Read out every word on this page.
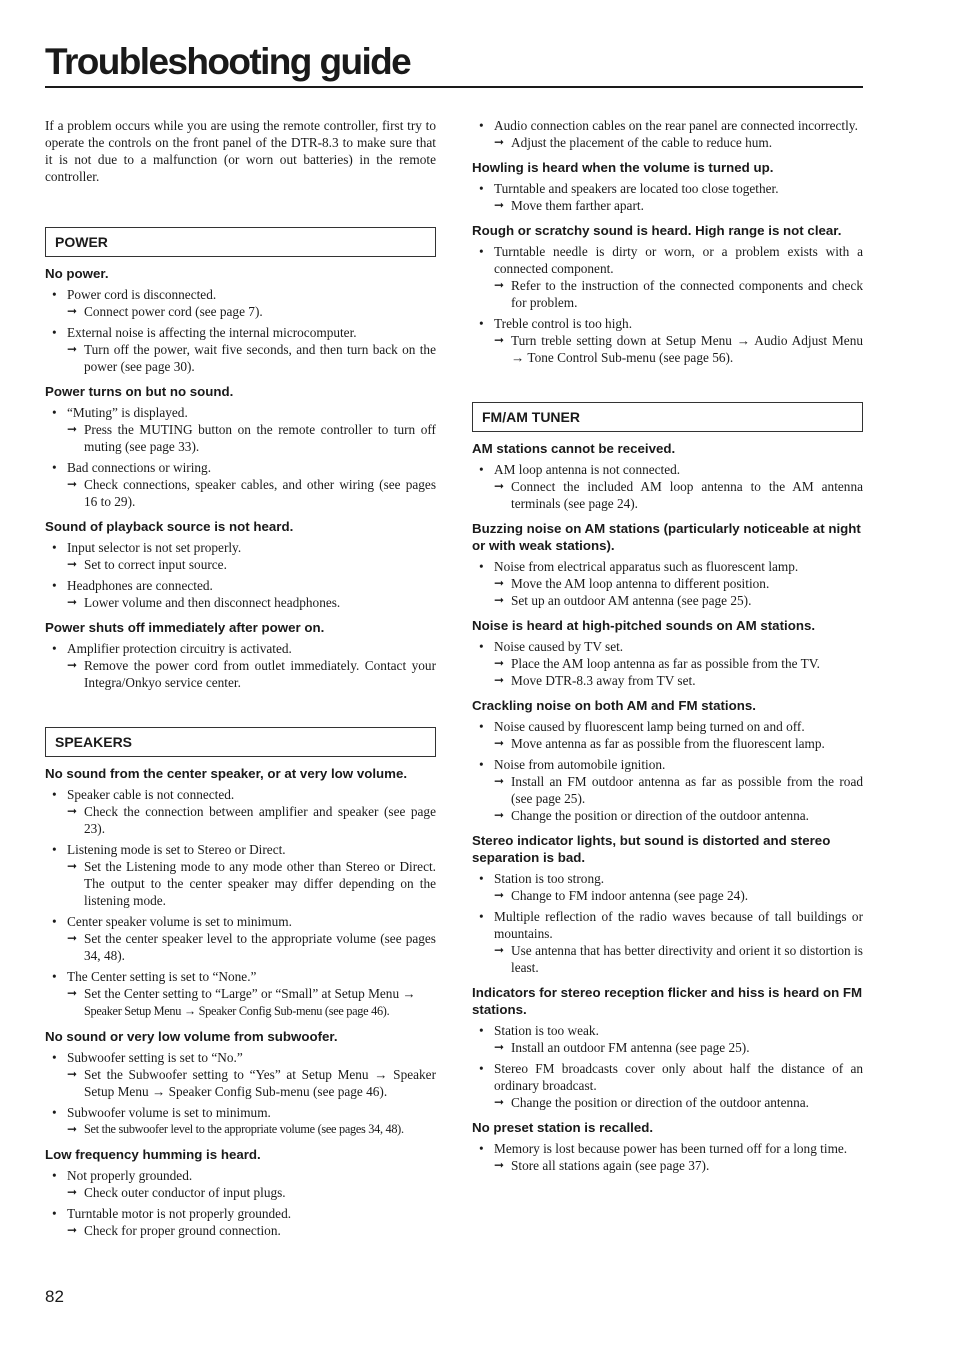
Troubleshooting guide

If a problem occurs while you are using the remote controller, first try to operate the controls on the front panel of the DTR-8.3 to make sure that it is not due to a malfunction (or worn out batteries) in the remote controller.

POWER
No power.
• Power cord is disconnected.
➞ Connect power cord (see page 7).
• External noise is affecting the internal microcomputer.
➞ Turn off the power, wait five seconds, and then turn back on the power (see page 30).
Power turns on but no sound.
• “Muting” is displayed.
➞ Press the MUTING button on the remote controller to turn off muting (see page 33).
• Bad connections or wiring.
➞ Check connections, speaker cables, and other wiring (see pages 16 to 29).
Sound of playback source is not heard.
• Input selector is not set properly.
➞ Set to correct input source.
• Headphones are connected.
➞ Lower volume and then disconnect headphones.
Power shuts off immediately after power on.
• Amplifier protection circuitry is activated.
➞ Remove the power cord from outlet immediately. Contact your Integra/Onkyo service center.
SPEAKERS
No sound from the center speaker, or at very low volume.
• Speaker cable is not connected.
➞ Check the connection between amplifier and speaker (see page 23).
• Listening mode is set to Stereo or Direct.
➞ Set the Listening mode to any mode other than Stereo or Direct. The output to the center speaker may differ depending on the listening mode.
• Center speaker volume is set to minimum.
➞ Set the center speaker level to the appropriate volume (see pages 34, 48).
• The Center setting is set to “None.”
➞ Set the Center setting to “Large” or “Small” at Setup Menu →
Speaker Setup Menu → Speaker Config Sub-menu (see page 46).
No sound or very low volume from subwoofer.
• Subwoofer setting is set to “No.”
➞ Set the Subwoofer setting to “Yes” at Setup Menu → Speaker Setup Menu → Speaker Config Sub-menu (see page 46).
• Subwoofer volume is set to minimum.
➞ Set the subwoofer level to the appropriate volume (see pages 34, 48).
Low frequency humming is heard.
• Not properly grounded.
➞ Check outer conductor of input plugs.
• Turntable motor is not properly grounded.
➞ Check for proper ground connection.
• Audio connection cables on the rear panel are connected incorrectly.
➞ Adjust the placement of the cable to reduce hum.
Howling is heard when the volume is turned up.
• Turntable and speakers are located too close together.
➞ Move them farther apart.
Rough or scratchy sound is heard. High range is not clear.
• Turntable needle is dirty or worn, or a problem exists with a connected component.
➞ Refer to the instruction of the connected components and check for problem.
• Treble control is too high.
➞ Turn treble setting down at Setup Menu → Audio Adjust Menu → Tone Control Sub-menu (see page 56).
FM/AM TUNER
AM stations cannot be received.
• AM loop antenna is not connected.
➞ Connect the included AM loop antenna to the AM antenna terminals (see page 24).
Buzzing noise on AM stations (particularly noticeable at night or with weak stations).
• Noise from electrical apparatus such as fluorescent lamp.
➞ Move the AM loop antenna to different position.
➞ Set up an outdoor AM antenna (see page 25).
Noise is heard at high-pitched sounds on AM stations.
• Noise caused by TV set.
➞ Place the AM loop antenna as far as possible from the TV.
➞ Move DTR-8.3 away from TV set.
Crackling noise on both AM and FM stations.
• Noise caused by fluorescent lamp being turned on and off.
➞ Move antenna as far as possible from the fluorescent lamp.
• Noise from automobile ignition.
➞ Install an FM outdoor antenna as far as possible from the road (see page 25).
➞ Change the position or direction of the outdoor antenna.
Stereo indicator lights, but sound is distorted and stereo separation is bad.
• Station is too strong.
➞ Change to FM indoor antenna (see page 24).
• Multiple reflection of the radio waves because of tall buildings or mountains.
➞ Use antenna that has better directivity and orient it so distortion is least.
Indicators for stereo reception flicker and hiss is heard on FM stations.
• Station is too weak.
➞ Install an outdoor FM antenna (see page 25).
• Stereo FM broadcasts cover only about half the distance of an ordinary broadcast.
➞ Change the position or direction of the outdoor antenna.
No preset station is recalled.
• Memory is lost because power has been turned off for a long time.
➞ Store all stations again (see page 37).
82
